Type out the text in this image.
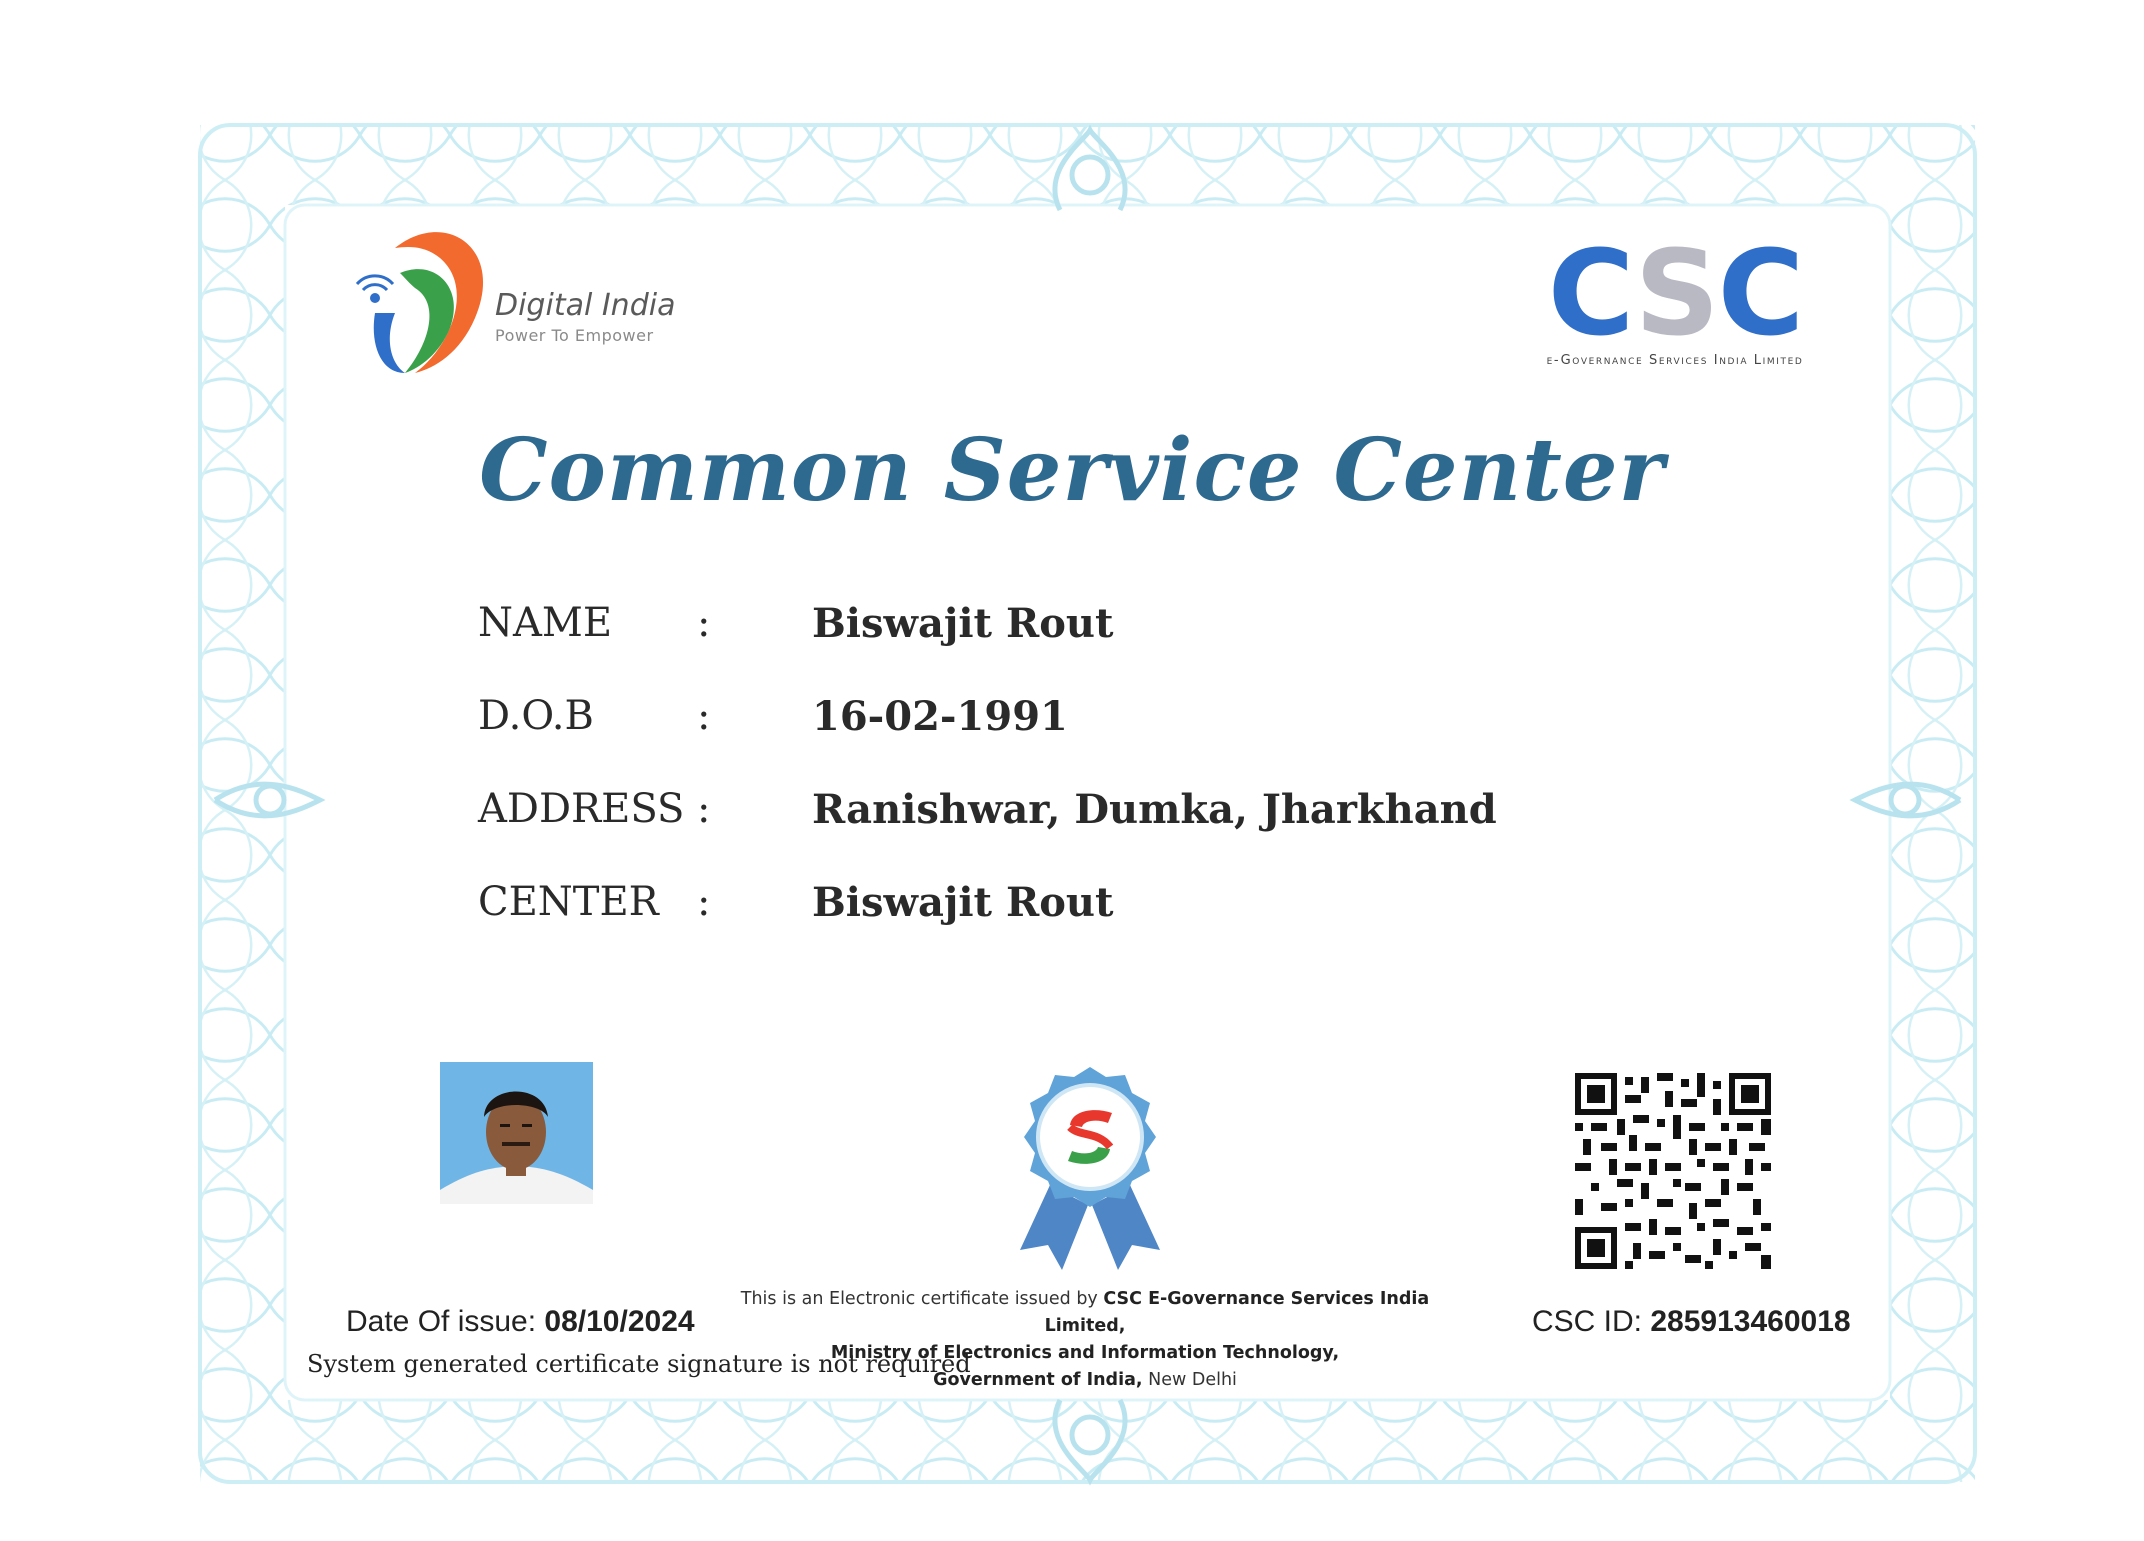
Digital India
Power To Empower	CSC
e-Governance Services India Limited
Common Service Center
NAME :	Biswajit Rout
D.O.B	:	16-02-1991
ADDRESS :	Ranishwar, Dumka, Jharkhand
CENTER :	Biswajit Rout
Date Of issue: 08/10/2024
System generated certificate signature is not required
This is an Electronic certificate issued by CSC E-Governance Services India Limited,
Ministry of Electronics and Information Technology,
Government of India, New Delhi
CSC ID: 285913460018
